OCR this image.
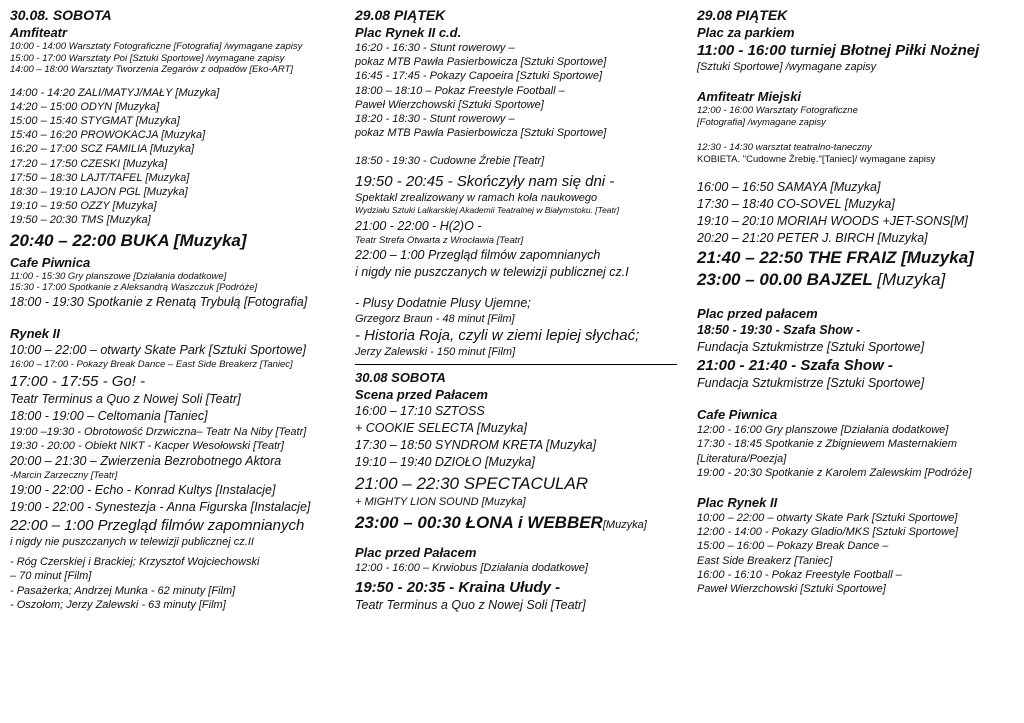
30.08. SOBOTA
Amfiteatr
10:00 - 14:00 Warsztaty Fotograficzne [Fotografia] /wymagane zapisy
15:00 - 17:00 Warsztaty Poi [Sztuki Sportowe] /wymagane zapisy
14:00 – 18:00 Warsztaty Tworzenia Zegarów z odpadów [Eko-ART]
14:00 - 14:20 ZALI/MATYJ/MAŁY [Muzyka]
14:20 – 15:00 ODYN [Muzyka]
15:00 – 15:40 STYGMAT [Muzyka]
15:40 – 16:20 PROWOKACJA [Muzyka]
16:20 – 17:00 SCZ FAMILIA [Muzyka]
17:20 – 17:50 CZESKI [Muzyka]
17:50 – 18:30 LAJT/TAFEL [Muzyka]
18:30 – 19:10 LAJON PGL [Muzyka]
19:10 – 19:50 OZZY [Muzyka]
19:50 – 20:30 TMS [Muzyka]
20:40 – 22:00 BUKA [Muzyka]
Cafe Piwnica
11:00 - 15:30 Gry planszowe [Działania dodatkowe]
15:30 - 17:00 Spotkanie z Aleksandrą Waszczuk [Podróże]
18:00 - 19:30 Spotkanie z Renatą Trybułą [Fotografia]
Rynek II
10:00 – 22:00 – otwarty Skate Park [Sztuki Sportowe]
16:00 – 17:00 - Pokazy Break Dance – East Side Breakerz [Taniec]
17:00 - 17:55 - Go! -
Teatr Terminus a Quo z Nowej Soli [Teatr]
18:00 - 19:00 – Celtomania [Taniec]
19:00 –19:30 - Obrotowość Drzwiczna– Teatr Na Niby [Teatr]
19:30 - 20:00 - Obiekt NIKT - Kacper Wesołowski [Teatr]
20:00 – 21:30 – Zwierzenia Bezrobotnego Aktora
-Marcin Zarzeczny [Teatr]
19:00 - 22:00 - Echo - Konrad Kultys [Instalacje]
19:00 - 22:00 - Synestezja - Anna Figurska [Instalacje]
22:00 – 1:00 Przegląd filmów zapomnianych
i nigdy nie puszczanych w telewizji publicznej cz.II
- Róg Czerskiej i Brackiej; Krzysztof Wojciechowski
– 70 minut [Film]
- Pasażerka; Andrzej Munka - 62 minuty [Film]
- Oszołom; Jerzy Zalewski - 63 minuty [Film]
29.08 PIĄTEK
Plac Rynek II c.d.
16:20 - 16:30 - Stunt rowerowy –
pokaz MTB Pawła Pasierbowicza [Sztuki Sportowe]
16:45 - 17:45 - Pokazy Capoeira [Sztuki Sportowe]
18:00 – 18:10 – Pokaz Freestyle Football –
Paweł Wierzchowski [Sztuki Sportowe]
18:20 - 18:30 - Stunt rowerowy –
pokaz MTB Pawła Pasierbowicza [Sztuki Sportowe]
18:50 - 19:30 - Cudowne Źrebie [Teatr]
19:50 - 20:45 - Skończyły nam się dni -
Spektakl zrealizowany w ramach koła naukowego
Wydziału Sztuki Lalkarskiej Akademii Teatralnej w Białymstoku. [Teatr]
21:00 - 22:00 - H(2)O -
Teatr Strefa Otwarta z Wrocławia [Teatr]
22:00 – 1:00 Przegląd filmów zapomnianych
i nigdy nie puszczanych w telewizji publicznej cz.I
- Plusy Dodatnie Plusy Ujemne;
Grzegorz Braun - 48 minut [Film]
- Historia Roja, czyli w ziemi lepiej słychać;
Jerzy Zalewski - 150 minut [Film]
30.08 SOBOTA
Scena przed Pałacem
16:00 – 17:10 SZTOSS
+ COOKIE SELECTA [Muzyka]
17:30 – 18:50 SYNDROM KRETA [Muzyka]
19:10 – 19:40 DZIOŁO [Muzyka]
21:00 – 22:30 SPECTACULAR
+ MIGHTY LION SOUND [Muzyka]
23:00 – 00:30 ŁONA i WEBBER[Muzyka]
Plac przed Pałacem
12:00 - 16:00 – Krwiobus [Działania dodatkowe]
19:50 - 20:35 - Kraina Ułudy -
Teatr Terminus a Quo z Nowej Soli [Teatr]
29.08 PIĄTEK
Plac za parkiem
11:00 - 16:00 turniej Błotnej Piłki Nożnej
[Sztuki Sportowe] /wymagane zapisy
Amfiteatr Miejski
12:00 - 16:00 Warsztaty Fotograficzne
[Fotografia] /wymagane zapisy
12:30 - 14:30 warsztat teatralno-taneczny
KOBIETA. "Cudowne Źrebię."[Taniec]/ wymagane zapisy
16:00 – 16:50 SAMAYA [Muzyka]
17:30 – 18:40 CO-SOVEL [Muzyka]
19:10 – 20:10 MORIAH WOODS +JET-SONS[M]
20:20 – 21:20 PETER J. BIRCH [Muzyka]
21:40 – 22:50 THE FRAIZ [Muzyka]
23:00 – 00.00 BAJZEL [Muzyka]
Plac przed pałacem
18:50 - 19:30 - Szafa Show -
Fundacja Sztukmistrze [Sztuki Sportowe]
21:00 - 21:40 - Szafa Show -
Fundacja Sztukmistrze [Sztuki Sportowe]
Cafe Piwnica
12:00 - 16:00 Gry planszowe [Działania dodatkowe]
17:30 - 18:45 Spotkanie z Zbigniewem Masternakiem
[Literatura/Poezja]
19:00 - 20:30 Spotkanie z Karolem Zalewskim [Podróże]
Plac Rynek II
10:00 – 22:00 – otwarty Skate Park [Sztuki Sportowe]
12:00 - 14:00 - Pokazy Gladio/MKS [Sztuki Sportowe]
15:00 – 16:00 – Pokazy Break Dance –
East Side Breakerz [Taniec]
16:00 - 16:10 - Pokaz Freestyle Football –
Paweł Wierzchowski [Sztuki Sportowe]
